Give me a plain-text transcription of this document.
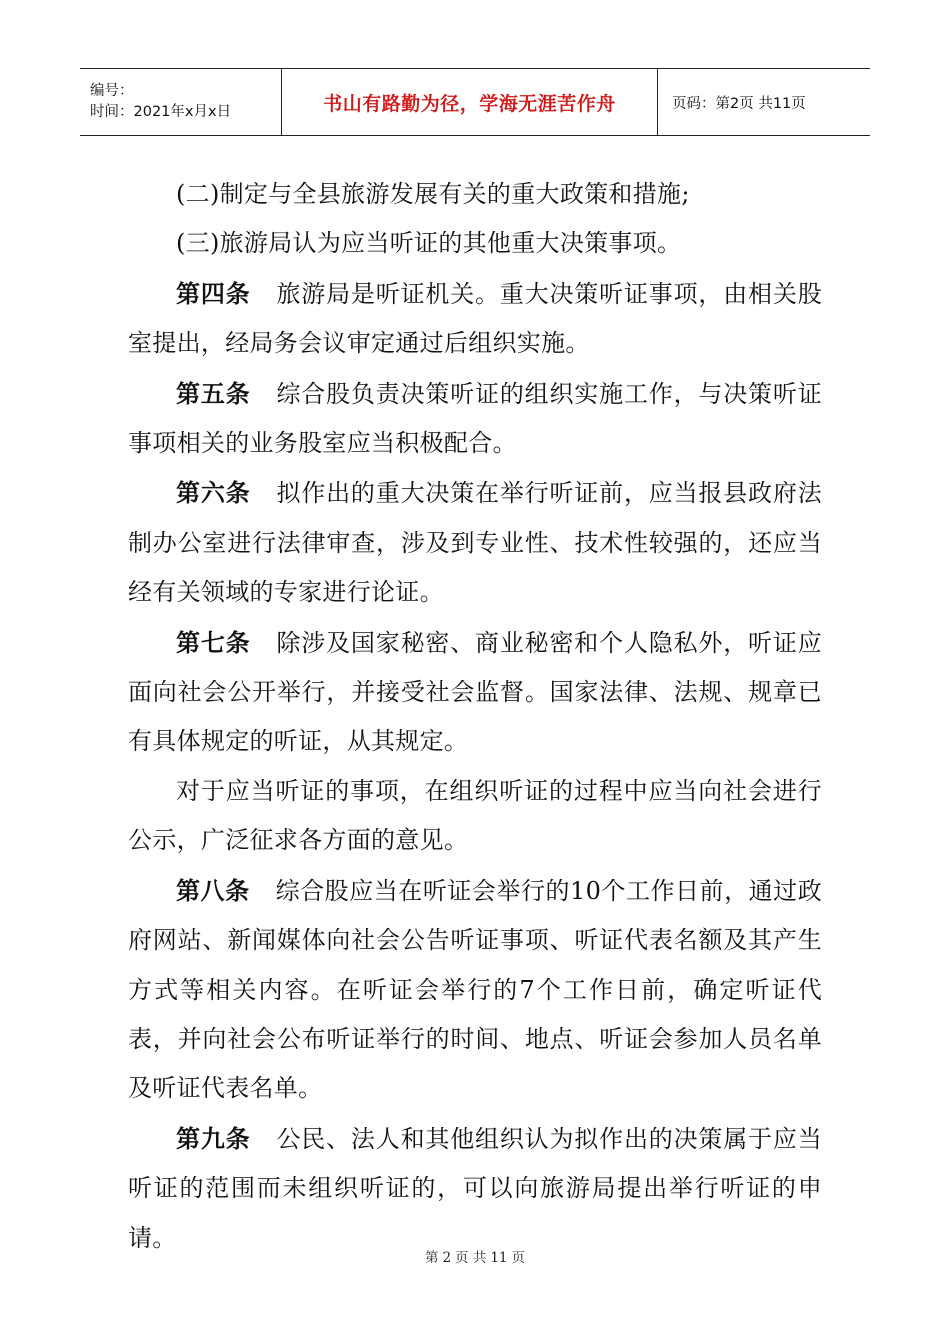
编号：
时间：2021年x月x日	书山有路勤为径，学海无涯苦作舟	页码：第2页 共11页

(二)制定与全县旅游发展有关的重大政策和措施;

(三)旅游局认为应当听证的其他重大决策事项。

第四条 旅游局是听证机关。重大决策听证事项，由相关股室提出，经局务会议审定通过后组织实施。

第五条 综合股负责决策听证的组织实施工作，与决策听证事项相关的业务股室应当积极配合。

第六条 拟作出的重大决策在举行听证前，应当报县政府法制办公室进行法律审查，涉及到专业性、技术性较强的，还应当经有关领域的专家进行论证。

第七条 除涉及国家秘密、商业秘密和个人隐私外，听证应面向社会公开举行，并接受社会监督。国家法律、法规、规章已有具体规定的听证，从其规定。

对于应当听证的事项，在组织听证的过程中应当向社会进行公示，广泛征求各方面的意见。

第八条 综合股应当在听证会举行的10个工作日前，通过政府网站、新闻媒体向社会公告听证事项、听证代表名额及其产生方式等相关内容。在听证会举行的7个工作日前，确定听证代表，并向社会公布听证举行的时间、地点、听证会参加人员名单及听证代表名单。

第九条 公民、法人和其他组织认为拟作出的决策属于应当听证的范围而未组织听证的，可以向旅游局提出举行听证的申请。

第 2 页 共 11 页
